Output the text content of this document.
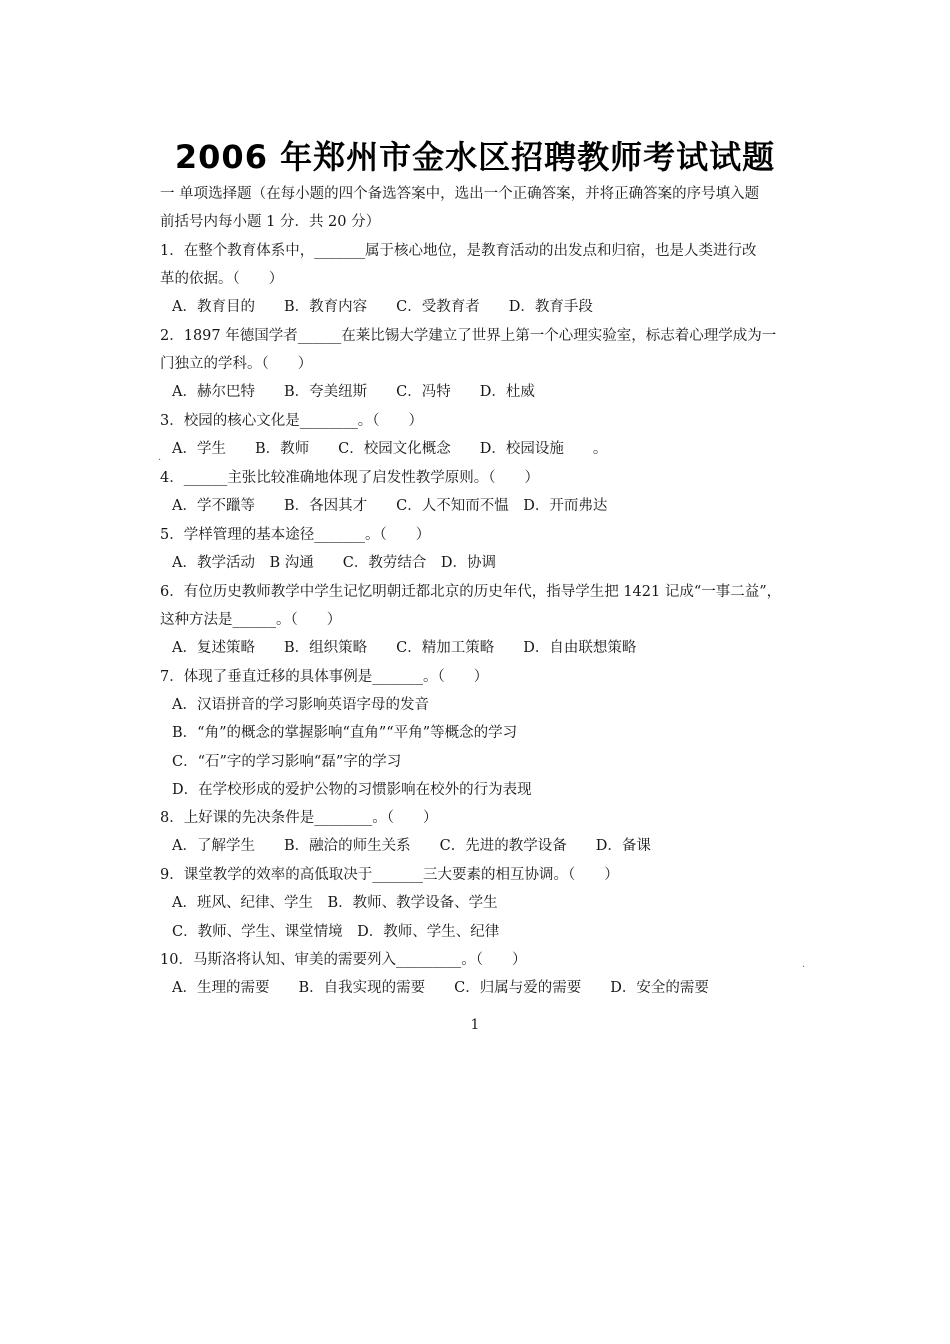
2006 年郑州市金水区招聘教师考试试题
一 单项选择题（在每小题的四个备选答案中，选出一个正确答案，并将正确答案的序号填入题
前括号内每小题 1 分．共 20 分）
1．在整个教育体系中，_______属于核心地位，是教育活动的出发点和归宿，也是人类进行改
革的依据。（　　）
A．教育目的　　B．教育内容　　C．受教育者　　D．教育手段
2．1897 年德国学者______在莱比锡大学建立了世界上第一个心理实验室，标志着心理学成为一
门独立的学科。（　　）
A．赫尔巴特　　B．夸美纽斯　　C．冯特　　D．杜威
3．校园的核心文化是________。（　　）
A．学生　　B．教师　　C．校园文化概念　　D．校园设施　　。
4．______主张比较准确地体现了启发性教学原则。（　　）
A．学不躐等　　B．各因其才　　C．人不知而不愠　D．开而弗达
5．学样管理的基本途径_______。（　　）
A．教学活动　B 沟通　　C．教劳结合　D．协调
6．有位历史教师教学中学生记忆明朝迁都北京的历史年代，指导学生把 1421 记成“一事二益”，
这种方法是______。（　　）
A．复述策略　　B．组织策略　　C．精加工策略　　D．自由联想策略
7．体现了垂直迁移的具体事例是_______。（　　）
A．汉语拼音的学习影响英语字母的发音
B．“角”的概念的掌握影响“直角”“平角”等概念的学习
C．“石”字的学习影响“磊”字的学习
D．在学校形成的爱护公物的习惯影响在校外的行为表现
8．上好课的先决条件是________。（　　）
A．了解学生　　B．融洽的师生关系　　C．先进的教学设备　　D．备课
9．课堂教学的效率的高低取决于_______三大要素的相互协调。（　　）
A．班风、纪律、学生　B．教师、教学设备、学生
C．教师、学生、课堂情境　D．教师、学生、纪律
10．马斯洛将认知、审美的需要列入_________。（　　）
A．生理的需要　　B．自我实现的需要　　C．归属与爱的需要　　D．安全的需要
1
·
·
